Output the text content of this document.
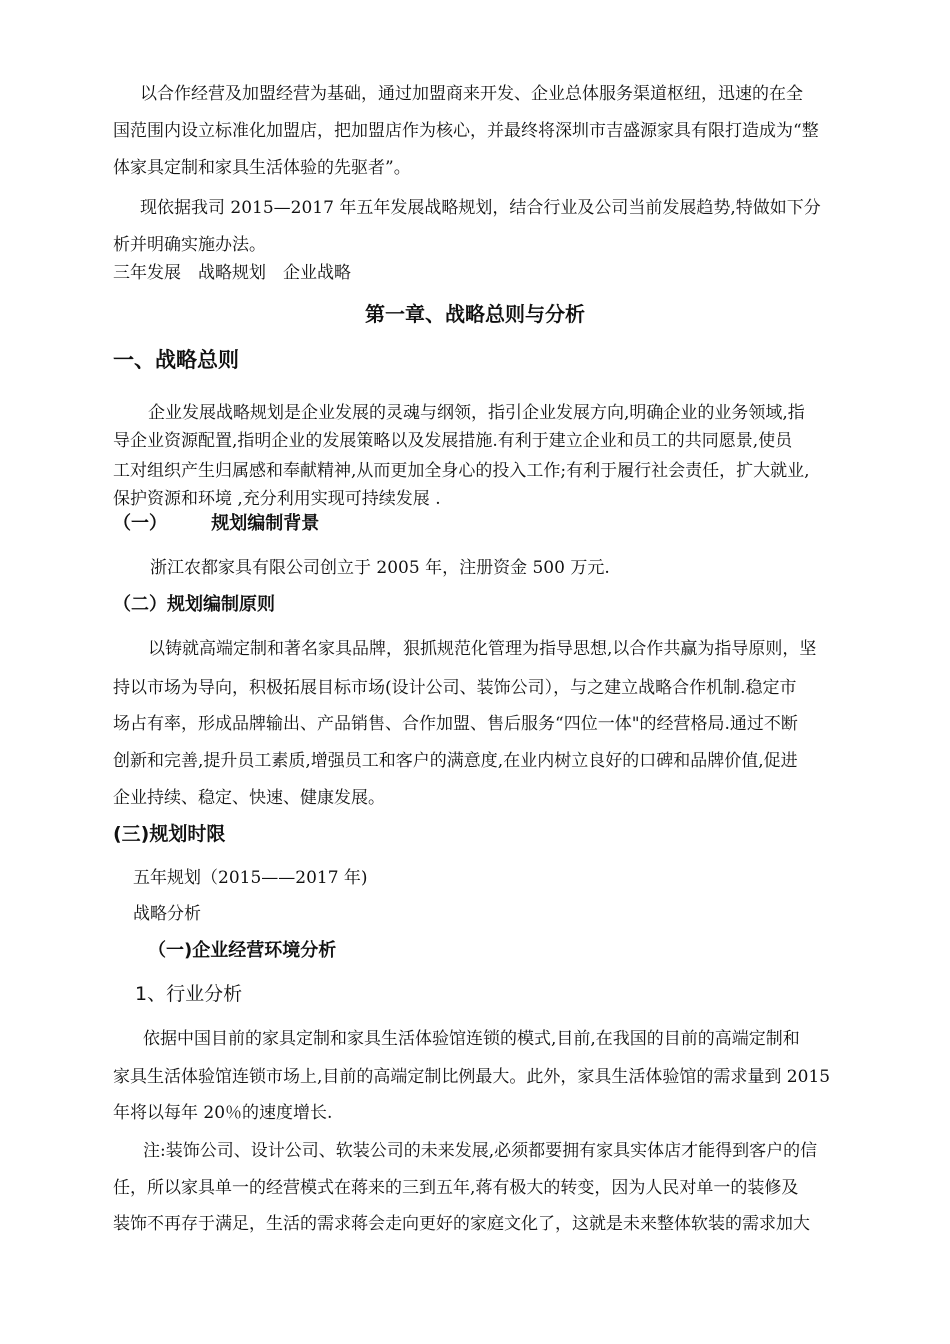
以合作经营及加盟经营为基础，通过加盟商来开发、企业总体服务渠道枢纽，迅速的在全
国范围内设立标准化加盟店，把加盟店作为核心，并最终将深圳市吉盛源家具有限打造成为“整
体家具定制和家具生活体验的先驱者”。
现依据我司 2015—2017 年五年发展战略规划，结合行业及公司当前发展趋势,特做如下分
析并明确实施办法。
三年发展　战略规划　企业战略
第一章、战略总则与分析
一、战略总则
企业发展战略规划是企业发展的灵魂与纲领，指引企业发展方向,明确企业的业务领域,指
导企业资源配置,指明企业的发展策略以及发展措施.有利于建立企业和员工的共同愿景,使员
工对组织产生归属感和奉献精神,从而更加全身心的投入工作;有利于履行社会责任，扩大就业,
保护资源和环境 ,充分利用实现可持续发展 .
（一） 规划编制背景
浙江农都家具有限公司创立于 2005 年，注册资金 500 万元.
（二）规划编制原则
以铸就高端定制和著名家具品牌，狠抓规范化管理为指导思想,以合作共赢为指导原则，坚
持以市场为导向，积极拓展目标市场(设计公司、装饰公司），与之建立战略合作机制.稳定市
场占有率，形成品牌输出、产品销售、合作加盟、售后服务“四位一体"的经营格局.通过不断
创新和完善,提升员工素质,增强员工和客户的满意度,在业内树立良好的口碑和品牌价值,促进
企业持续、稳定、快速、健康发展。
(三)规划时限
五年规划（2015——2017 年)
战略分析
（一)企业经营环境分析
1、行业分析
依据中国目前的家具定制和家具生活体验馆连锁的模式,目前,在我国的目前的高端定制和
家具生活体验馆连锁市场上,目前的高端定制比例最大。此外，家具生活体验馆的需求量到 2015
年将以每年 20％的速度增长.
注:装饰公司、设计公司、软装公司的未来发展,必须都要拥有家具实体店才能得到客户的信
任，所以家具单一的经营模式在蒋来的三到五年,蒋有极大的转变，因为人民对单一的装修及
装饰不再存于满足，生活的需求蒋会走向更好的家庭文化了，这就是未来整体软装的需求加大
